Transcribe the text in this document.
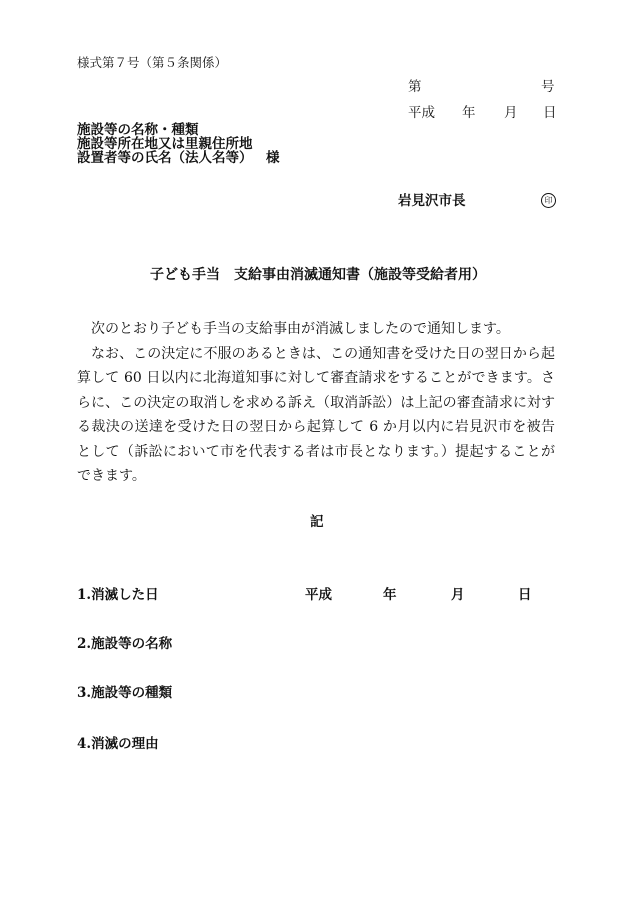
様式第７号（第５条関係）
第	号
平成 年 月 日
施設等の名称・種類
施設等所在地又は里親住所地
設置者等の氏名（法人名等） 様
岩見沢市長	印
子ども手当　支給事由消滅通知書（施設等受給者用）

次のとおり子ども手当の支給事由が消滅しましたので通知します。

なお、この決定に不服のあるときは、この通知書を受けた日の翌日から起算して 60 日以内に北海道知事に対して審査請求をすることができます。さらに、この決定の取消しを求める訴え（取消訴訟）は上記の審査請求に対する裁決の送達を受けた日の翌日から起算して 6 か月以内に岩見沢市を被告として（訴訟において市を代表する者は市長となります。）提起することができます。

記
1.消滅した日	平成	年	月	日
2.施設等の名称
3.施設等の種類
4.消滅の理由
